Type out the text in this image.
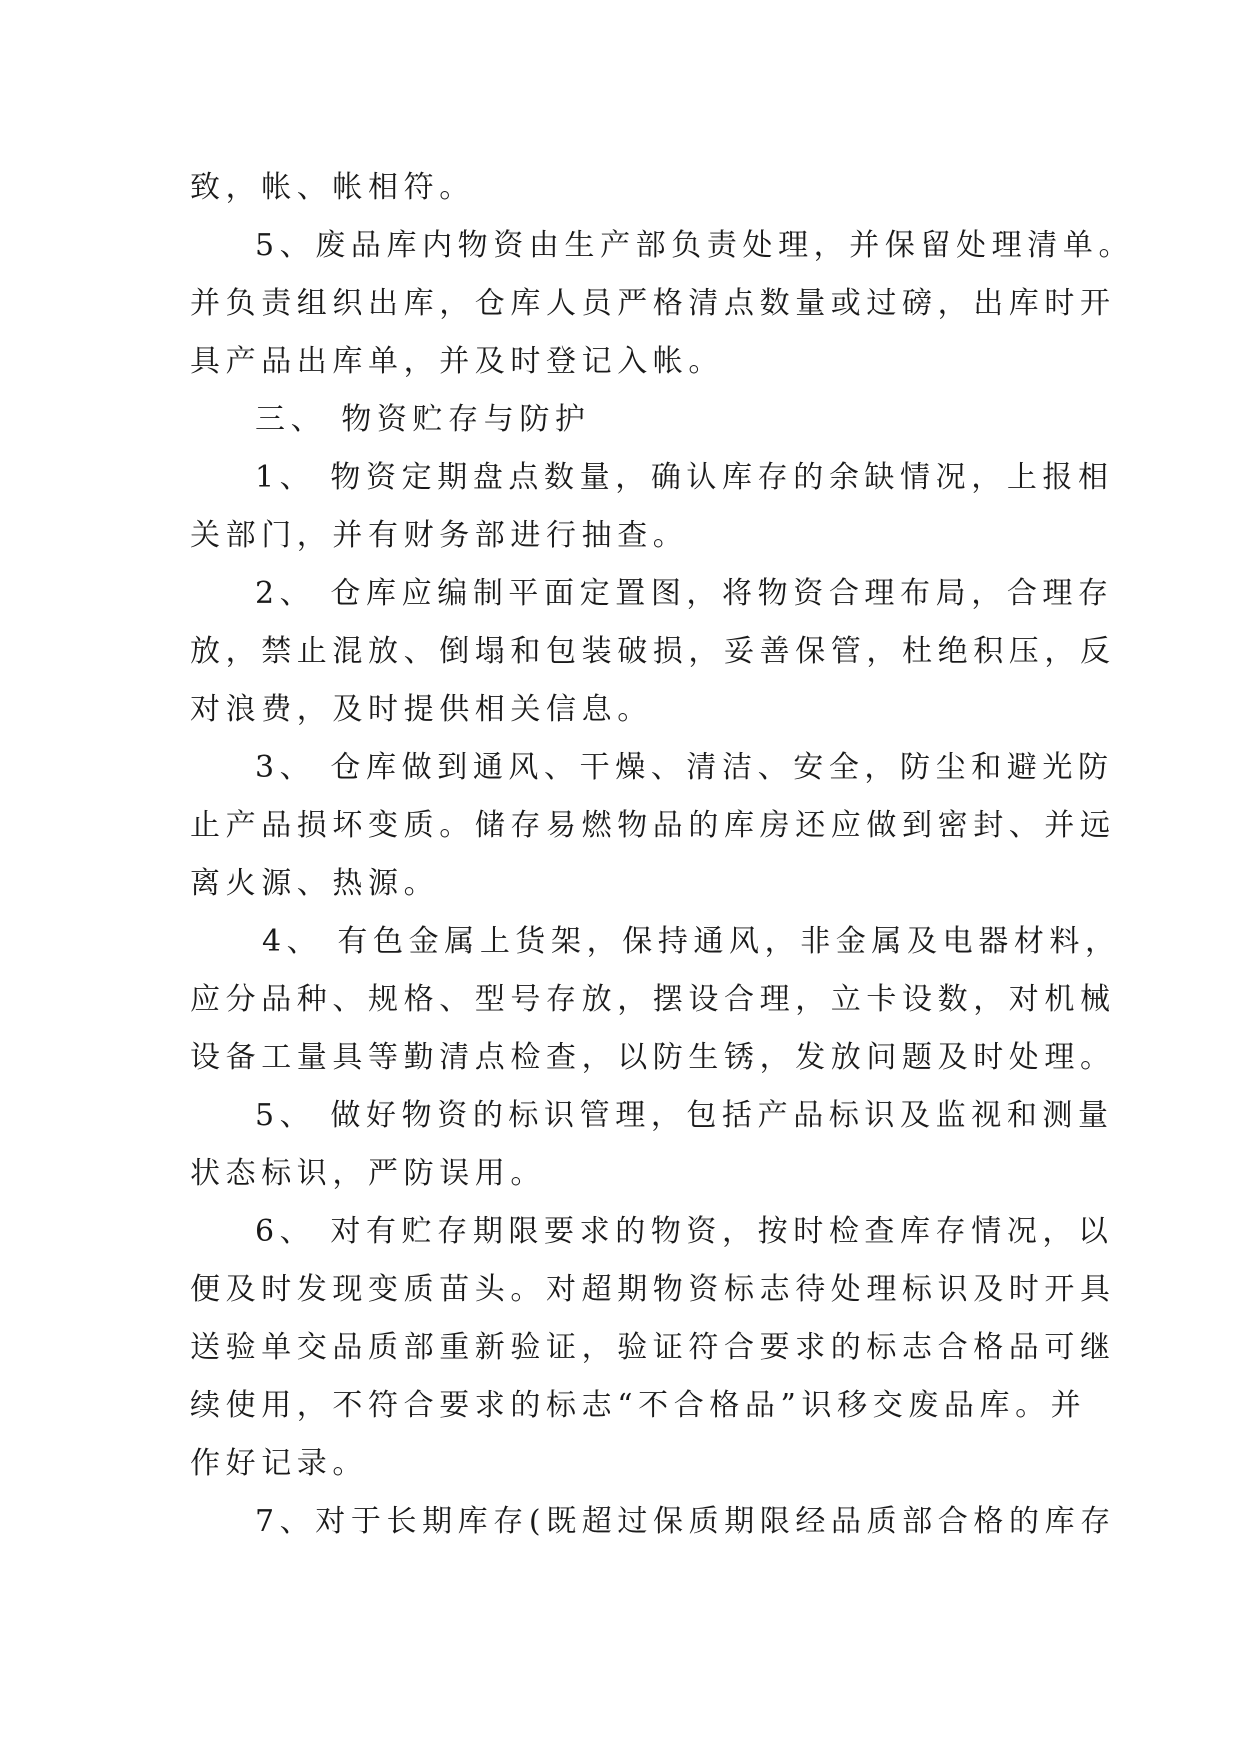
致，帐、帐相符。
5、废品库内物资由生产部负责处理，并保留处理清单。
并负责组织出库，仓库人员严格清点数量或过磅，出库时开
具产品出库单，并及时登记入帐。
三、 物资贮存与防护
1、 物资定期盘点数量，确认库存的余缺情况，上报相
关部门，并有财务部进行抽查。
2、 仓库应编制平面定置图，将物资合理布局，合理存
放，禁止混放、倒塌和包装破损，妥善保管，杜绝积压，反
对浪费，及时提供相关信息。
3、 仓库做到通风、干燥、清洁、安全，防尘和避光防
止产品损坏变质。储存易燃物品的库房还应做到密封、并远
离火源、热源。
4、 有色金属上货架，保持通风，非金属及电器材料，
应分品种、规格、型号存放，摆设合理，立卡设数，对机械
设备工量具等勤清点检查，以防生锈，发放问题及时处理。
5、 做好物资的标识管理，包括产品标识及监视和测量
状态标识，严防误用。
6、 对有贮存期限要求的物资，按时检查库存情况，以
便及时发现变质苗头。对超期物资标志待处理标识及时开具
送验单交品质部重新验证，验证符合要求的标志合格品可继
续使用，不符合要求的标志“不合格品”识移交废品库。并
作好记录。
7、对于长期库存(既超过保质期限经品质部合格的库存
